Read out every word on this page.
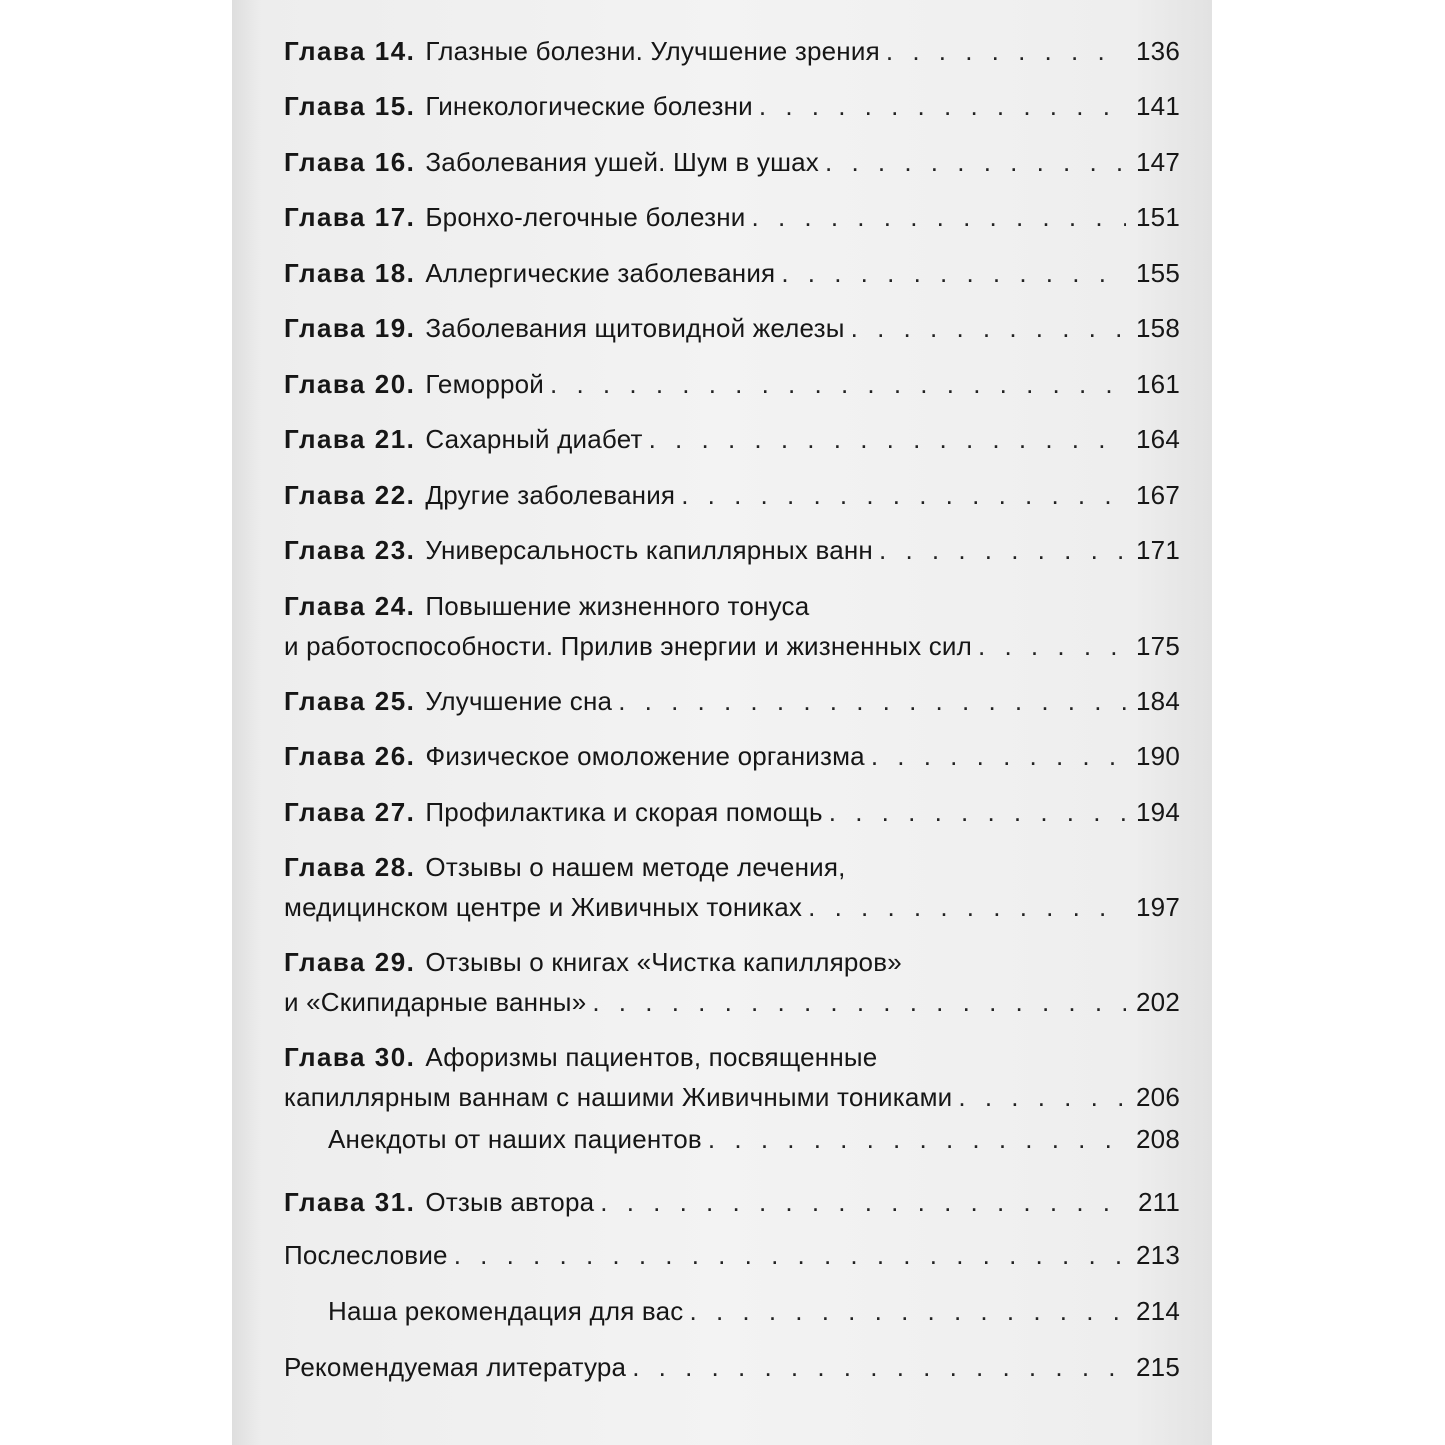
Глава 14. Глазные болезни. Улучшение зрения . . .	136
Глава 15. Гинекологические болезни . . .	141
Глава 16. Заболевания ушей. Шум в ушах . . .	147
Глава 17. Бронхо-легочные болезни . . .	151
Глава 18. Аллергические заболевания . . .	155
Глава 19. Заболевания щитовидной железы . . .	158
Глава 20. Геморрой . . .	161
Глава 21. Сахарный диабет . . .	164
Глава 22. Другие заболевания . . .	167
Глава 23. Универсальность капиллярных ванн . . .	171
Глава 24. Повышение жизненного тонуса
и работоспособности. Прилив энергии и жизненных сил . . .	175
Глава 25. Улучшение сна . . .	184
Глава 26. Физическое омоложение организма . . .	190
Глава 27. Профилактика и скорая помощь . . .	194
Глава 28. Отзывы о нашем методе лечения,
медицинском центре и Живичных тониках . . .	197
Глава 29. Отзывы о книгах «Чистка капилляров»
и «Скипидарные ванны» . . .	202
Глава 30. Афоризмы пациентов, посвященные
капиллярным ваннам с нашими Живичными тониками . . .	206
Анекдоты от наших пациентов . . .	208
Глава 31. Отзыв автора . . .	211
Послесловие . . .	213
Наша рекомендация для вас . . .	214
Рекомендуемая литература . . .	215
